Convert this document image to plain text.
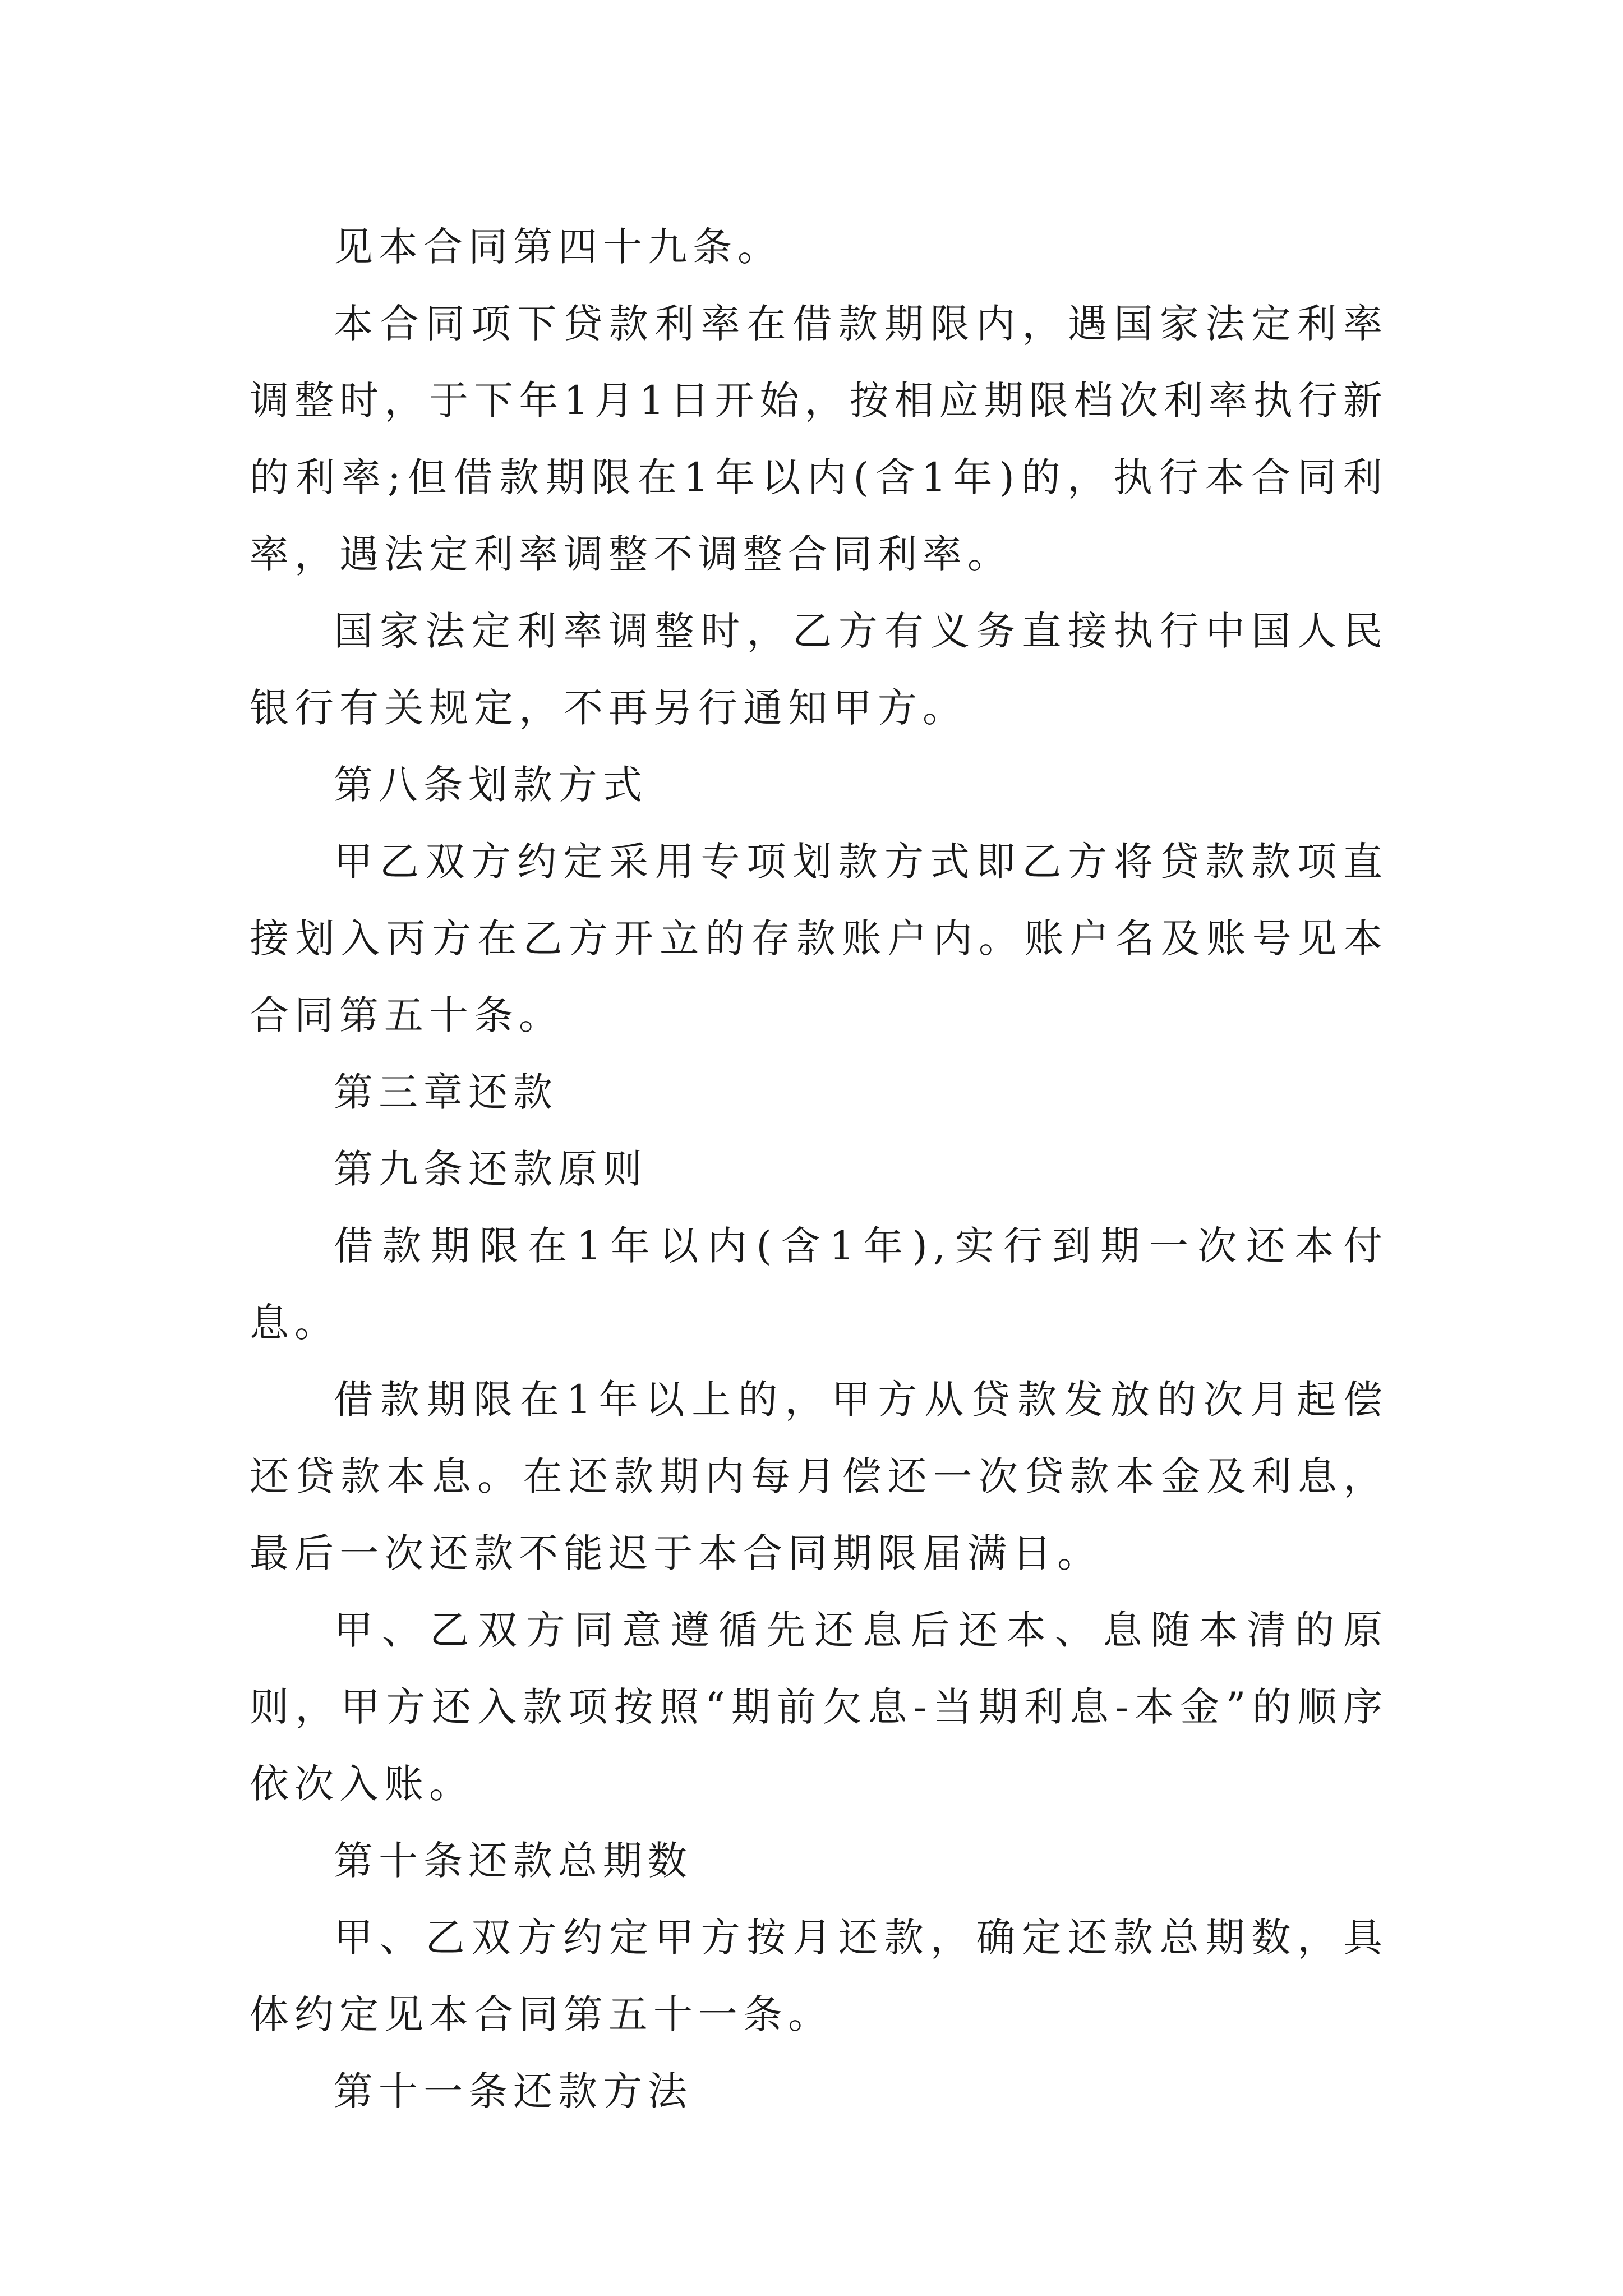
见本合同第四十九条。

本合同项下贷款利率在借款期限内，遇国家法定利率调整时，于下年1月1日开始，按相应期限档次利率执行新的利率;但借款期限在1年以内(含1年)的，执行本合同利率，遇法定利率调整不调整合同利率。

国家法定利率调整时，乙方有义务直接执行中国人民银行有关规定，不再另行通知甲方。

第八条划款方式

甲乙双方约定采用专项划款方式即乙方将贷款款项直接划入丙方在乙方开立的存款账户内。账户名及账号见本合同第五十条。

第三章还款

第九条还款原则

借款期限在1年以内(含1年),实行到期一次还本付息。

借款期限在1年以上的，甲方从贷款发放的次月起偿还贷款本息。在还款期内每月偿还一次贷款本金及利息，最后一次还款不能迟于本合同期限届满日。

甲、乙双方同意遵循先还息后还本、息随本清的原则，甲方还入款项按照“期前欠息-当期利息-本金”的顺序依次入账。

第十条还款总期数

甲、乙双方约定甲方按月还款，确定还款总期数，具体约定见本合同第五十一条。

第十一条还款方法
